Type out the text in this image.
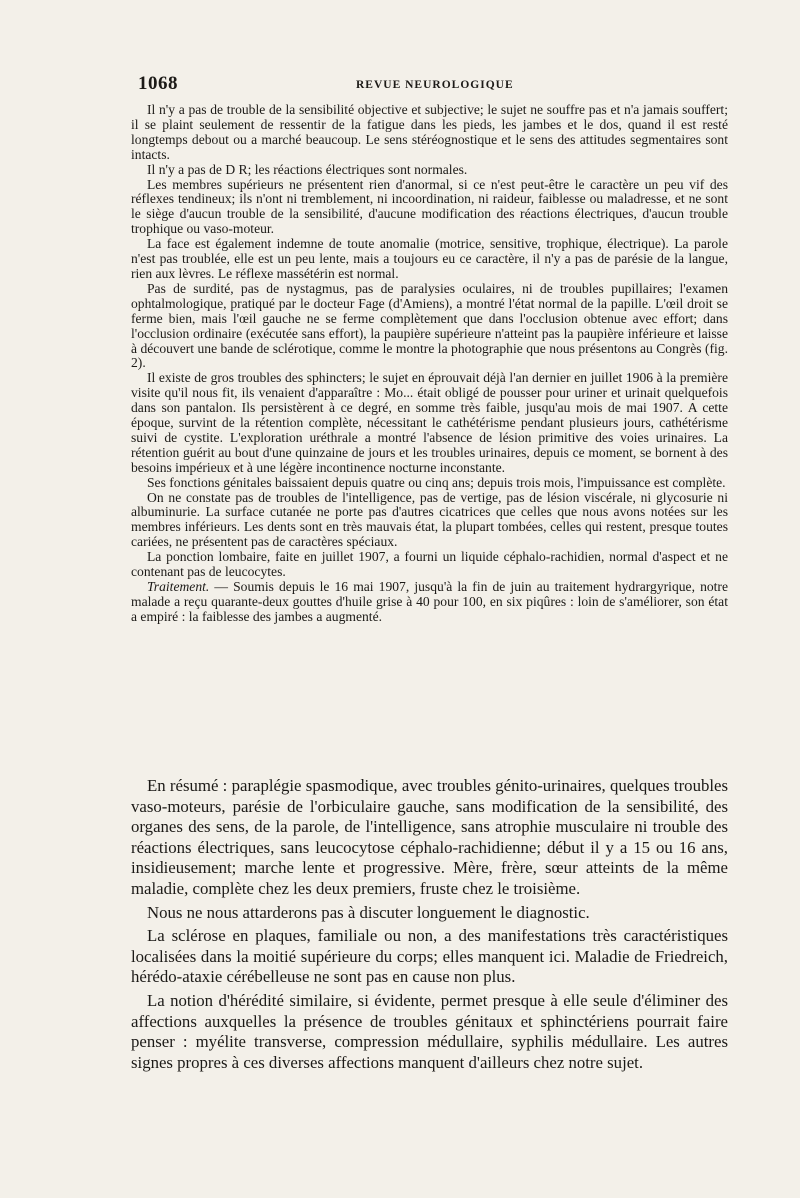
1068	REVUE NEUROLOGIQUE

Il n'y a pas de trouble de la sensibilité objective et subjective; le sujet ne souffre pas et n'a jamais souffert; il se plaint seulement de ressentir de la fatigue dans les pieds, les jambes et le dos, quand il est resté longtemps debout ou a marché beaucoup. Le sens stéréognostique et le sens des attitudes segmentaires sont intacts.

Il n'y a pas de D R; les réactions électriques sont normales.

Les membres supérieurs ne présentent rien d'anormal, si ce n'est peut-être le caractère un peu vif des réflexes tendineux; ils n'ont ni tremblement, ni incoordination, ni raideur, faiblesse ou maladresse, et ne sont le siège d'aucun trouble de la sensibilité, d'aucune modification des réactions électriques, d'aucun trouble trophique ou vaso-moteur.

La face est également indemne de toute anomalie (motrice, sensitive, trophique, électrique). La parole n'est pas troublée, elle est un peu lente, mais a toujours eu ce caractère, il n'y a pas de parésie de la langue, rien aux lèvres. Le réflexe massétérin est normal.

Pas de surdité, pas de nystagmus, pas de paralysies oculaires, ni de troubles pupillaires; l'examen ophtalmologique, pratiqué par le docteur Fage (d'Amiens), a montré l'état normal de la papille. L'œil droit se ferme bien, mais l'œil gauche ne se ferme complètement que dans l'occlusion obtenue avec effort; dans l'occlusion ordinaire (exécutée sans effort), la paupière supérieure n'atteint pas la paupière inférieure et laisse à découvert une bande de sclérotique, comme le montre la photographie que nous présentons au Congrès (fig. 2).

Il existe de gros troubles des sphincters; le sujet en éprouvait déjà l'an dernier en juillet 1906 à la première visite qu'il nous fit, ils venaient d'apparaître : Mo... était obligé de pousser pour uriner et urinait quelquefois dans son pantalon. Ils persistèrent à ce degré, en somme très faible, jusqu'au mois de mai 1907. A cette époque, survint de la rétention complète, nécessitant le cathétérisme pendant plusieurs jours, cathétérisme suivi de cystite. L'exploration uréthrale a montré l'absence de lésion primitive des voies urinaires. La rétention guérit au bout d'une quinzaine de jours et les troubles urinaires, depuis ce moment, se bornent à des besoins impérieux et à une légère incontinence nocturne inconstante.

Ses fonctions génitales baissaient depuis quatre ou cinq ans; depuis trois mois, l'impuissance est complète.

On ne constate pas de troubles de l'intelligence, pas de vertige, pas de lésion viscérale, ni glycosurie ni albuminurie. La surface cutanée ne porte pas d'autres cicatrices que celles que nous avons notées sur les membres inférieurs. Les dents sont en très mauvais état, la plupart tombées, celles qui restent, presque toutes cariées, ne présentent pas de caractères spéciaux.

La ponction lombaire, faite en juillet 1907, a fourni un liquide céphalo-rachidien, normal d'aspect et ne contenant pas de leucocytes.

Traitement. — Soumis depuis le 16 mai 1907, jusqu'à la fin de juin au traitement hydrargyrique, notre malade a reçu quarante-deux gouttes d'huile grise à 40 pour 100, en six piqûres : loin de s'améliorer, son état a empiré : la faiblesse des jambes a augmenté.

En résumé : paraplégie spasmodique, avec troubles génito-urinaires, quelques troubles vaso-moteurs, parésie de l'orbiculaire gauche, sans modification de la sensibilité, des organes des sens, de la parole, de l'intelligence, sans atrophie musculaire ni trouble des réactions électriques, sans leucocytose céphalo-rachidienne; début il y a 15 ou 16 ans, insidieusement; marche lente et progressive. Mère, frère, sœur atteints de la même maladie, complète chez les deux premiers, fruste chez le troisième.

Nous ne nous attarderons pas à discuter longuement le diagnostic.

La sclérose en plaques, familiale ou non, a des manifestations très caractéristiques localisées dans la moitié supérieure du corps; elles manquent ici. Maladie de Friedreich, hérédo-ataxie cérébelleuse ne sont pas en cause non plus.

La notion d'hérédité similaire, si évidente, permet presque à elle seule d'éliminer des affections auxquelles la présence de troubles génitaux et sphinctériens pourrait faire penser : myélite transverse, compression médullaire, syphilis médullaire. Les autres signes propres à ces diverses affections manquent d'ailleurs chez notre sujet.
